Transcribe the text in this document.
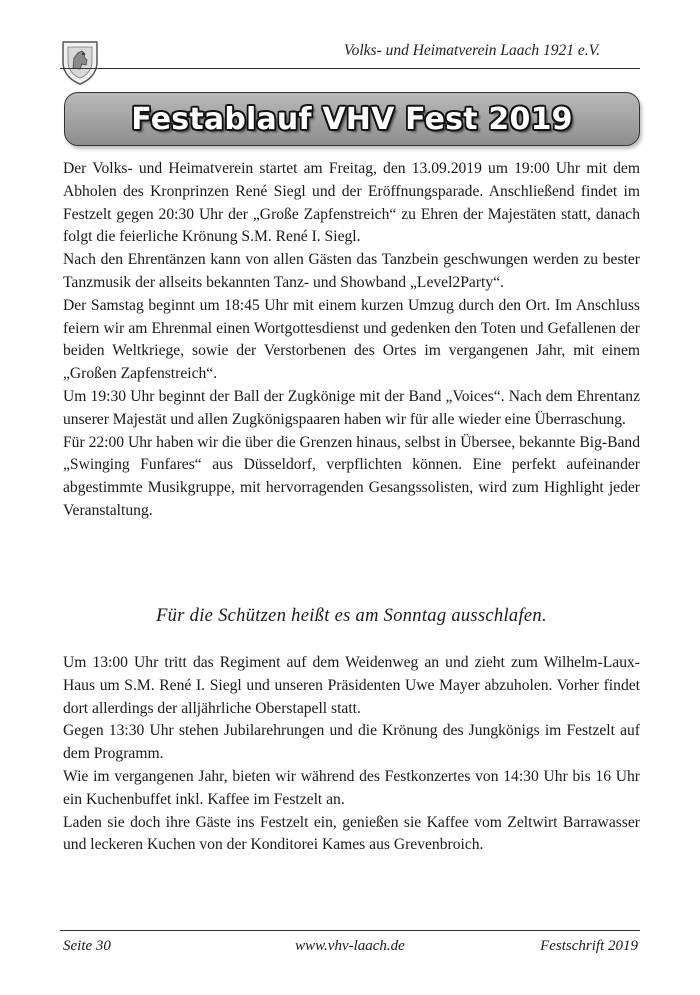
Volks- und Heimatverein Laach 1921 e.V.
Festablauf VHV Fest 2019

Der Volks- und Heimatverein startet am Freitag, den 13.09.2019 um 19:00 Uhr mit dem Abholen des Kronprinzen René Siegl und der Eröffnungsparade. Anschließend findet im Festzelt gegen 20:30 Uhr der „Große Zapfenstreich“ zu Ehren der Majestäten statt, danach folgt die feierliche Krönung S.M. René I. Siegl.

Nach den Ehrentänzen kann von allen Gästen das Tanzbein geschwungen werden zu bester Tanzmusik der allseits bekannten Tanz- und Showband „Level2Party“.

Der Samstag beginnt um 18:45 Uhr mit einem kurzen Umzug durch den Ort. Im Anschluss feiern wir am Ehrenmal einen Wortgottesdienst und gedenken den Toten und Gefallenen der beiden Weltkriege, sowie der Verstorbenen des Ortes im vergangenen Jahr, mit einem „Großen Zapfenstreich“.

Um 19:30 Uhr beginnt der Ball der Zugkönige mit der Band „Voices“. Nach dem Ehrentanz unserer Majestät und allen Zugkönigspaaren haben wir für alle wieder eine Überraschung.

Für 22:00 Uhr haben wir die über die Grenzen hinaus, selbst in Übersee, bekannte Big-Band „Swinging Funfares“ aus Düsseldorf, verpflichten können. Eine perfekt aufeinander abgestimmte Musikgruppe, mit hervorragenden Gesangssolisten, wird zum Highlight jeder Veranstaltung.

Für die Schützen heißt es am Sonntag ausschlafen.

Um 13:00 Uhr tritt das Regiment auf dem Weidenweg an und zieht zum Wilhelm-Laux-Haus um S.M. René I. Siegl und unseren Präsidenten Uwe Mayer abzuholen. Vorher findet dort allerdings der alljährliche Oberstapell statt.

Gegen 13:30 Uhr stehen Jubilarehrungen und die Krönung des Jungkönigs im Festzelt auf dem Programm.

Wie im vergangenen Jahr, bieten wir während des Festkonzertes von 14:30 Uhr bis 16 Uhr ein Kuchenbuffet inkl. Kaffee im Festzelt an.

Laden sie doch ihre Gäste ins Festzelt ein, genießen sie Kaffee vom Zeltwirt Barrawasser und leckeren Kuchen von der Konditorei Kames aus Grevenbroich.

Seite 30	www.vhv-laach.de	Festschrift 2019
